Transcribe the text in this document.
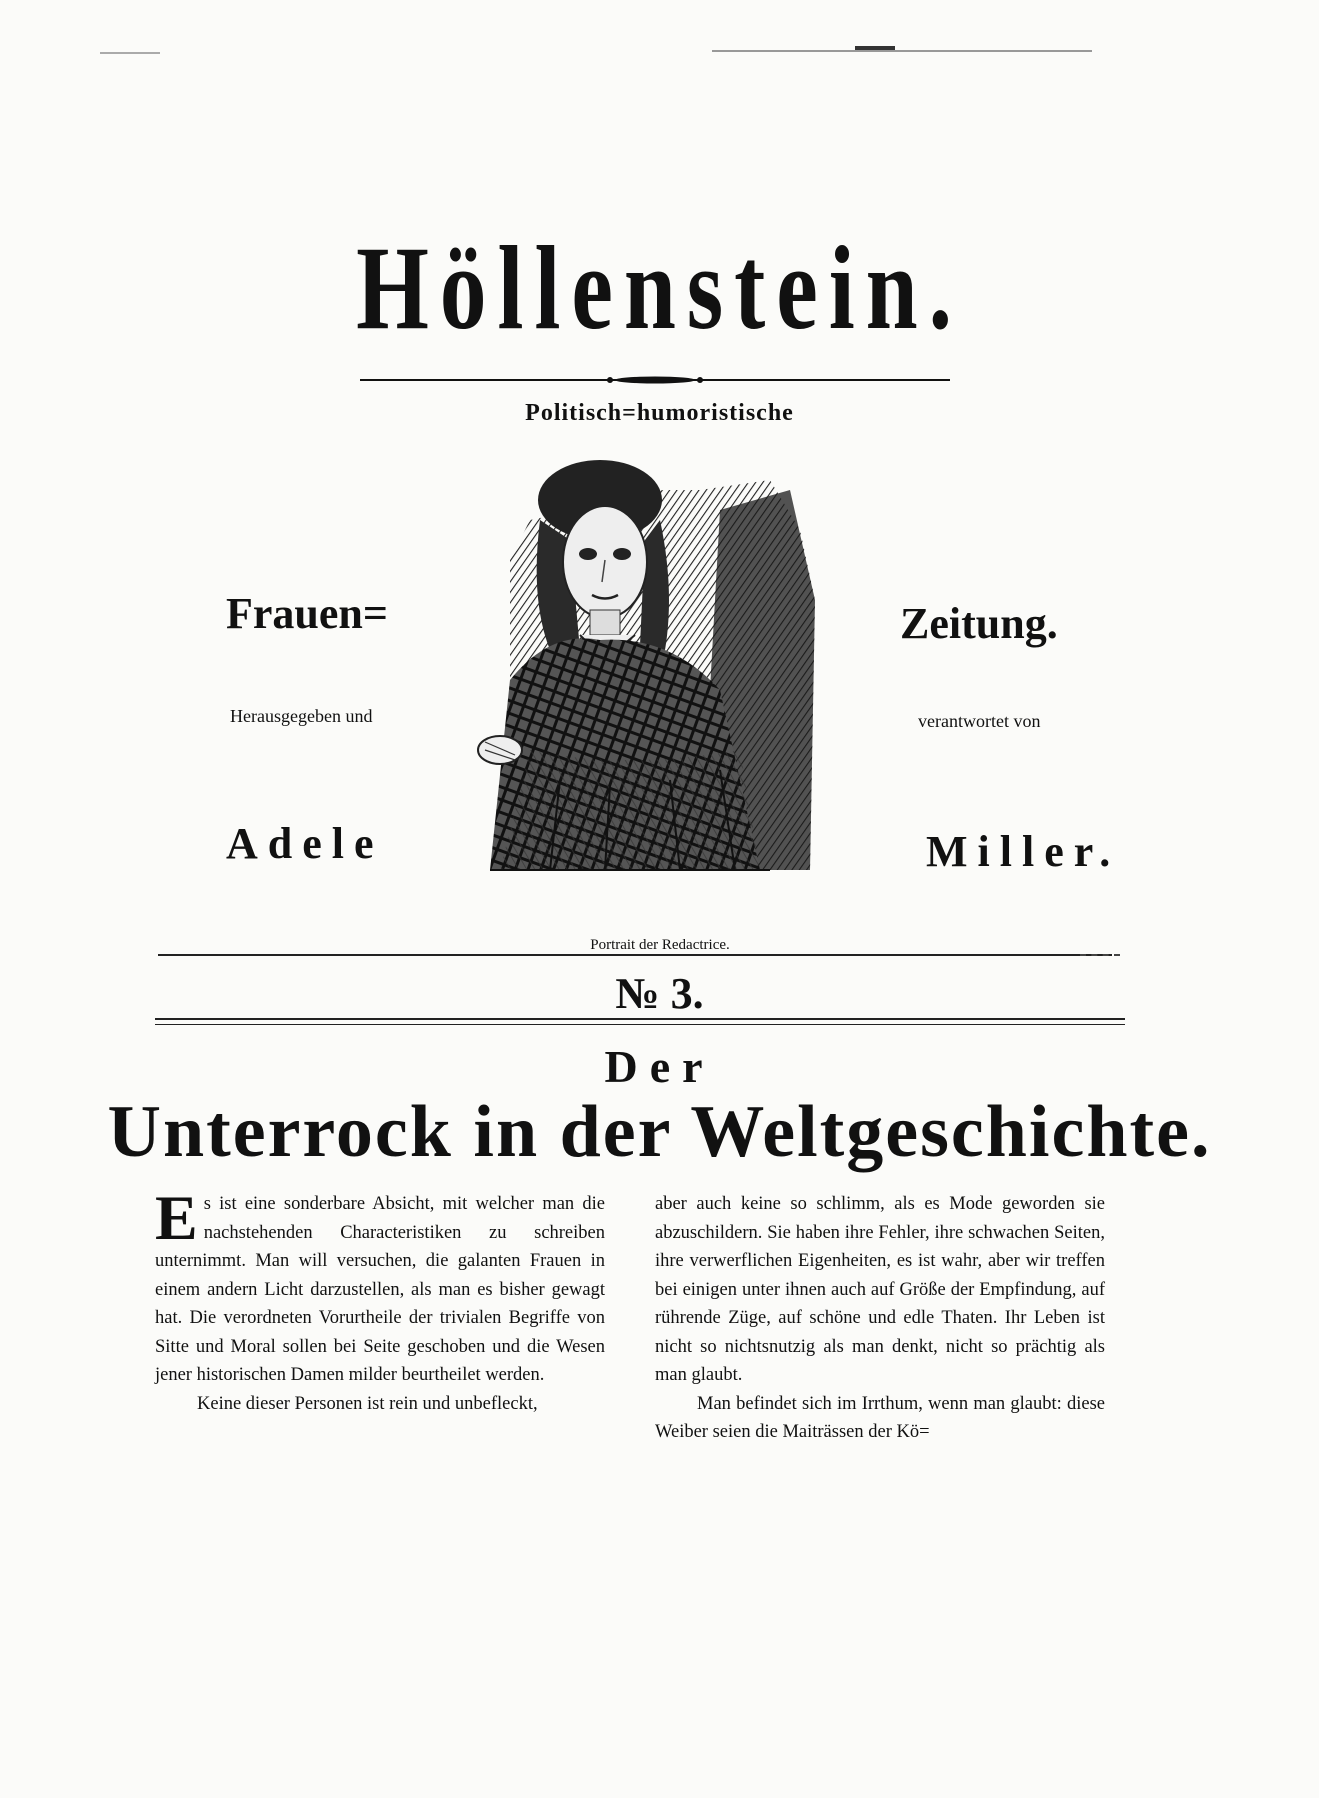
Höllenstein.
Politisch=humoristische
Frauen=
Herausgegeben und
Adele
Zeitung.
verantwortet von
Miller.
Portrait der Redactrice.
№ 3.
Der
Unterrock in der Weltgeschichte.

Es ist eine sonderbare Absicht, mit welcher man die nachstehenden Characteristiken zu schreiben unternimmt. Man will versuchen, die galanten Frauen in einem andern Licht darzustellen, als man es bisher gewagt hat. Die verordneten Vorurtheile der trivialen Begriffe von Sitte und Moral sollen bei Seite geschoben und die Wesen jener historischen Damen milder beurtheilet werden.

Keine dieser Personen ist rein und unbefleckt,

aber auch keine so schlimm, als es Mode geworden sie abzuschildern. Sie haben ihre Fehler, ihre schwachen Seiten, ihre verwerflichen Eigenheiten, es ist wahr, aber wir treffen bei einigen unter ihnen auch auf Größe der Empfindung, auf rührende Züge, auf schöne und edle Thaten. Ihr Leben ist nicht so nichtsnutzig als man denkt, nicht so prächtig als man glaubt.

Man befindet sich im Irrthum, wenn man glaubt: diese Weiber seien die Maiträssen der Kö=
